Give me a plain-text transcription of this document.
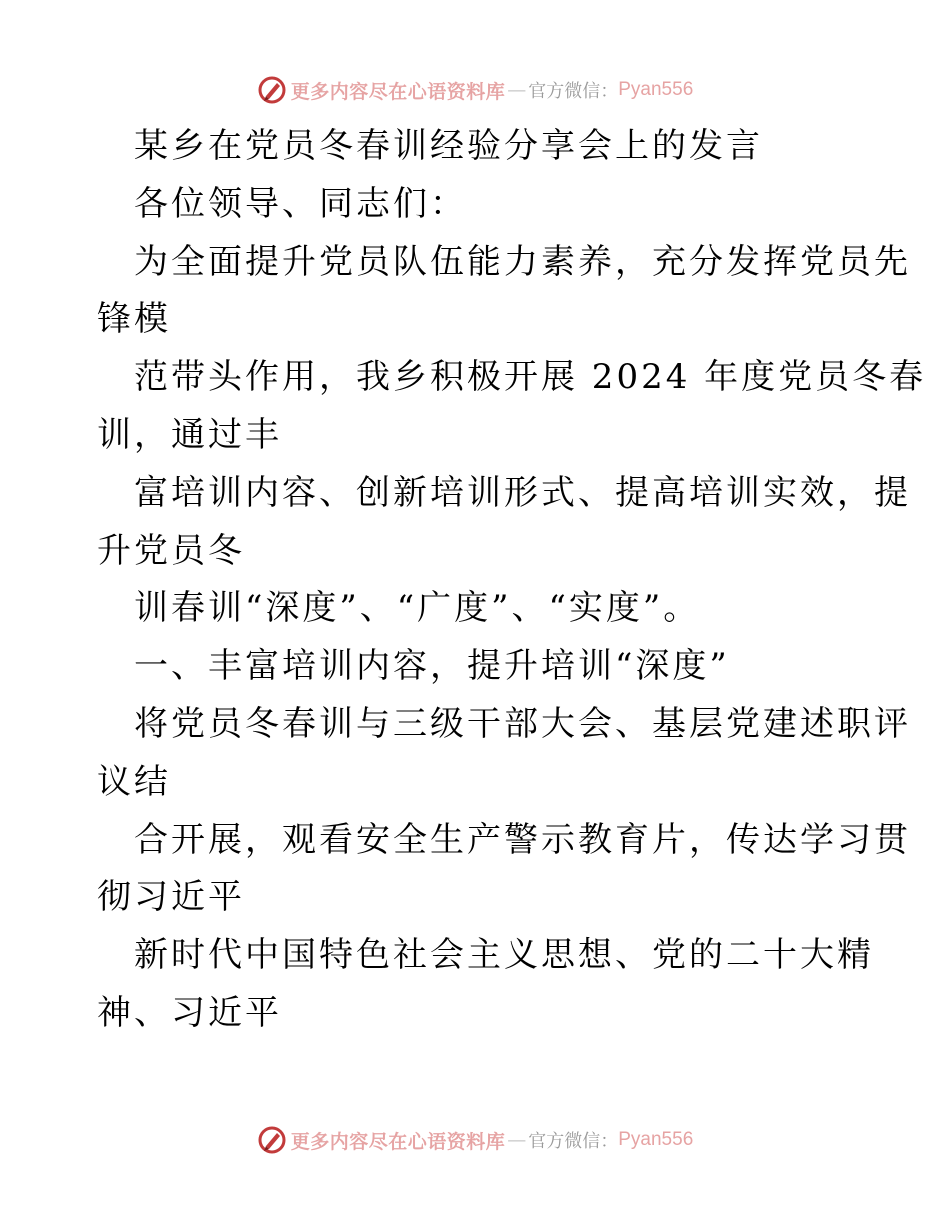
更多内容尽在心语资料库 — 官方微信： Pyan556
某乡在党员冬春训经验分享会上的发言
各位领导、同志们：
为全面提升党员队伍能力素养，充分发挥党员先
锋模
范带头作用，我乡积极开展 2024 年度党员冬春
训，通过丰
富培训内容、创新培训形式、提高培训实效，提
升党员冬
训春训“深度”、“广度”、“实度”。
一、丰富培训内容，提升培训“深度”
将党员冬春训与三级干部大会、基层党建述职评
议结
合开展，观看安全生产警示教育片，传达学习贯
彻习近平
新时代中国特色社会主义思想、党的二十大精
神、习近平
更多内容尽在心语资料库 — 官方微信： Pyan556
